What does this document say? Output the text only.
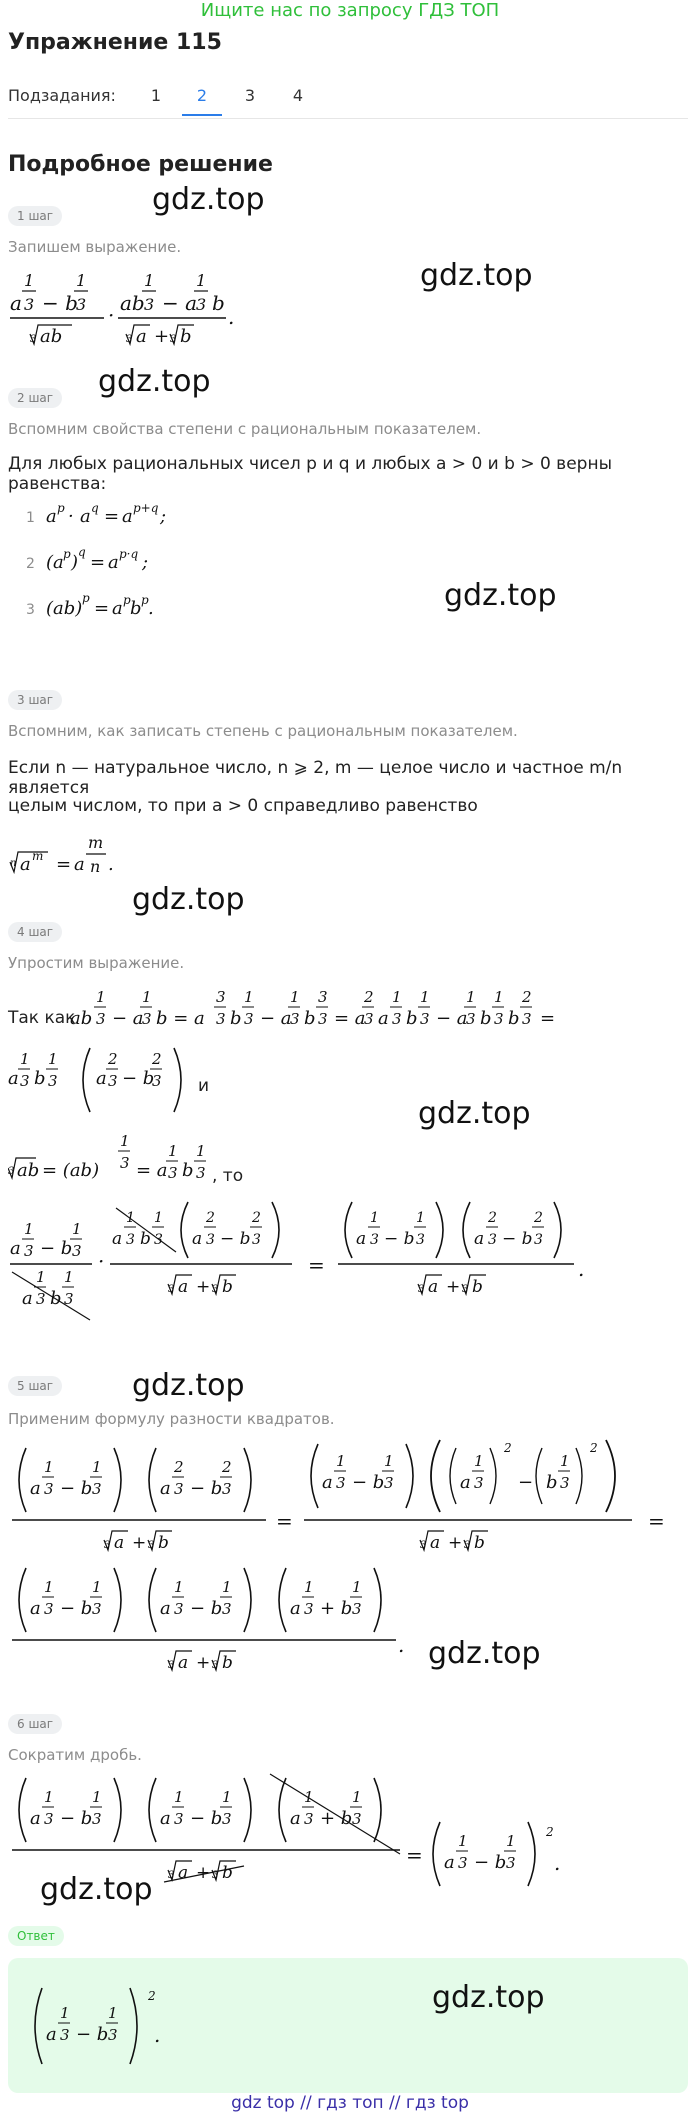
Ищите нас по запросу ГДЗ ТОП
Упражнение 115
Подзадания:	1	2	3	4
Подробное решение
1 шаг	gdz.top
Запишем выражение.
gdz.top
a
1
3 − b
1
3
3 ab
· ab
1
3 − a
1
3 b
3 a + 3 b
.
2 шаг	gdz.top
Вспомним свойства степени с рациональным показателем.
Для любых рациональных чисел p и q и любых a > 0 и b > 0 верны равенства:
1 a p · a q = a p+q ;
2 (a p ) q = a p·q ;
3 (ab) p = a p b p .	gdz.top
3 шаг
Вспомним, как записать степень с рациональным показателем.
Если n — натуральное число, n ⩾ 2, m — целое число и частное m/n является
целым числом, то при a > 0 справедливо равенство
n a m = a
m
n .
gdz.top
4 шаг
Упростим выражение.
Так как
ab
1
3 − a
1
3 b = a
3
3 b
1
3 − a
1
3 b
3
3 = a
2
3 a
1
3 b
1
3 − a
1
3 b
1
3 b
2
3 =
a
1
3 b
1
3 a
2
3 − b
2
3 и
gdz.top
3 ab = (ab)
1
3 = a
1
3 b
1
3 , то
a
1
3 − b
1
3
a
1
3 b
1
3
·
a
1
3 b
1
3 a
2
3 − b
2
3
3 a + 3 b
=
a
1
3 − b
1
3	a
2
3 − b
2
3
3 a + 3 b
.
5 шаг	gdz.top
Применим формулу разности квадратов.
a
1
3 − b
1
3	a
2
3 − b
2
3
3 a + 3 b
=
a
1
3 − b
1
3	a
1
3
2
− b
1
3
2
3 a + 3 b
=
a
1
3 − b
1
3	a
1
3 − b
1
3	a
1
3 + b
1
3
3 a + 3 b
. gdz.top
6 шаг
Сократим дробь.
a
1
3 − b
1
3	a
1
3 − b
1
3	a
1
3 + b
1
3
3 a + 3 b
= a
1
3 − b
1
3
2
.
gdz.top
Ответ
a
1
3 − b
1
3
2
.
gdz.top
gdz top // гдз топ // гдз top
